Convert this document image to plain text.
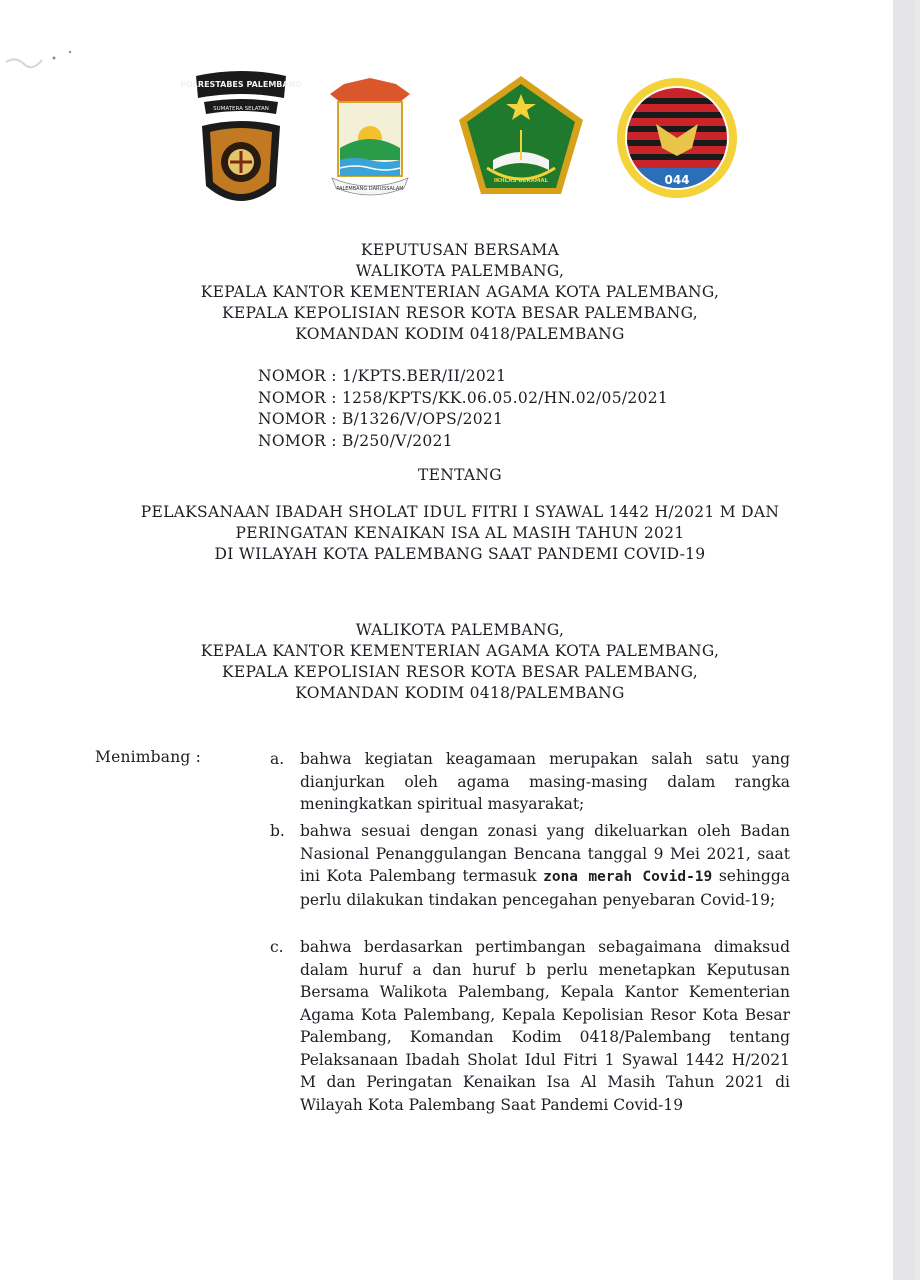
POLRESTABES PALEMBANG
SUMATERA SELATAN
PALEMBANG DARUSSALAM
IKHLAS BERAMAL	044
KEPUTUSAN BERSAMA
WALIKOTA PALEMBANG,
KEPALA KANTOR KEMENTERIAN AGAMA KOTA PALEMBANG,
KEPALA KEPOLISIAN RESOR KOTA BESAR PALEMBANG,
KOMANDAN KODIM 0418/PALEMBANG
NOMOR : 1/KPTS.BER/II/2021
NOMOR : 1258/KPTS/KK.06.05.02/HN.02/05/2021
NOMOR : B/1326/V/OPS/2021
NOMOR : B/250/V/2021
TENTANG
PELAKSANAAN IBADAH SHOLAT IDUL FITRI I SYAWAL 1442 H/2021 M DAN
PERINGATAN KENAIKAN ISA AL MASIH TAHUN 2021
DI WILAYAH KOTA PALEMBANG SAAT PANDEMI COVID-19
WALIKOTA PALEMBANG,
KEPALA KANTOR KEMENTERIAN AGAMA KOTA PALEMBANG,
KEPALA KEPOLISIAN RESOR KOTA BESAR PALEMBANG,
KOMANDAN KODIM 0418/PALEMBANG
Menimbang :	a. bahwa kegiatan keagamaan merupakan salah satu yang dianjurkan oleh agama masing-masing dalam rangka meningkatkan spiritual masyarakat;
b. bahwa sesuai dengan zonasi yang dikeluarkan oleh Badan Nasional Penanggulangan Bencana tanggal 9 Mei 2021, saat ini Kota Palembang termasuk zona merah Covid-19 sehingga perlu dilakukan tindakan pencegahan penyebaran Covid-19;
c. bahwa berdasarkan pertimbangan sebagaimana dimaksud dalam huruf a dan huruf b perlu menetapkan Keputusan Bersama Walikota Palembang, Kepala Kantor Kementerian Agama Kota Palembang, Kepala Kepolisian Resor Kota Besar Palembang, Komandan Kodim 0418/Palembang tentang Pelaksanaan Ibadah Sholat Idul Fitri 1 Syawal 1442 H/2021 M dan Peringatan Kenaikan Isa Al Masih Tahun 2021 di Wilayah Kota Palembang Saat Pandemi Covid-19
